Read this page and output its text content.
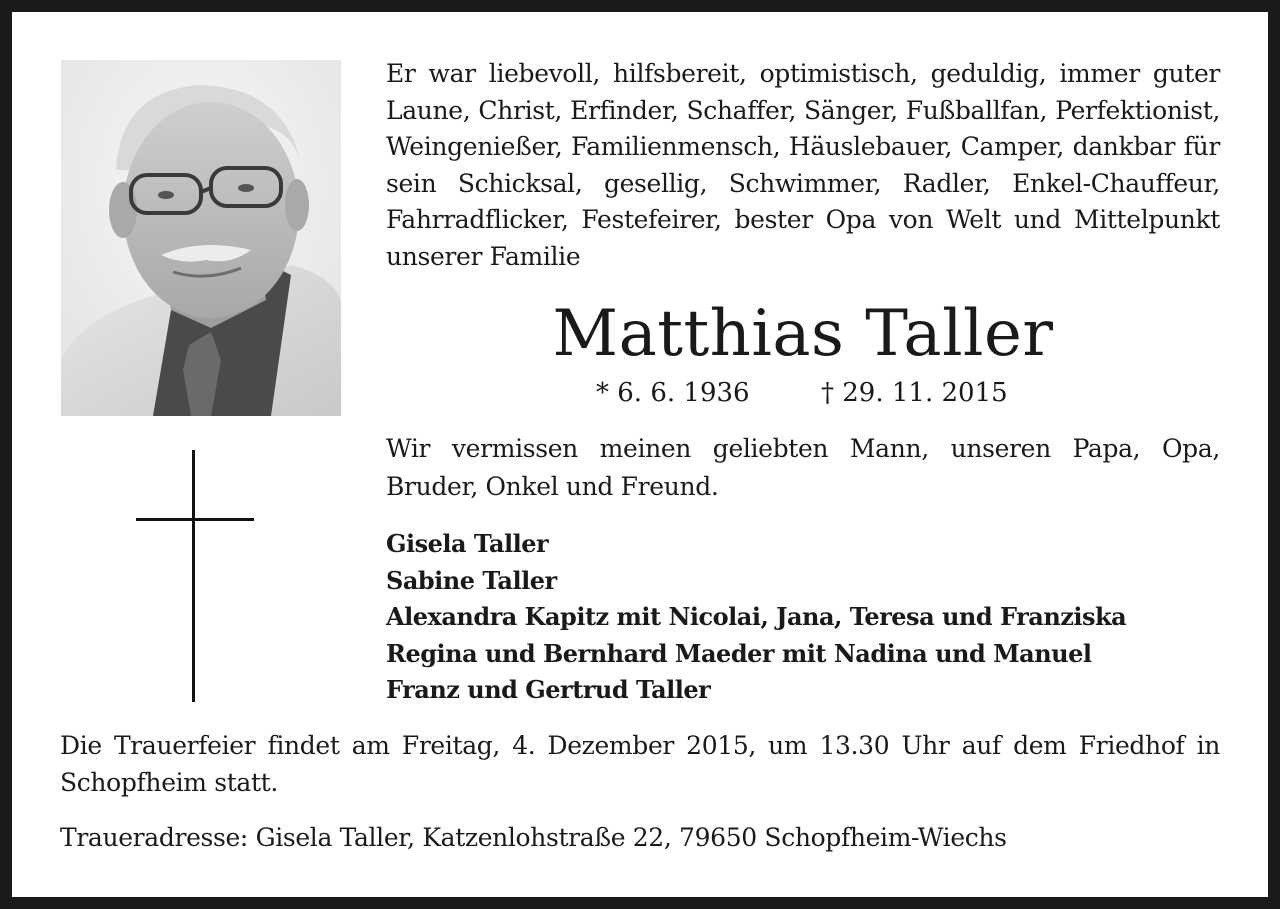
Er war liebevoll, hilfsbereit, optimistisch, geduldig, immer guter Laune, Christ, Erfinder, Schaffer, Sänger, Fußballfan, Perfektionist, Weingenießer, Familienmensch, Häuslebauer, Camper, dankbar für sein Schicksal, gesellig, Schwimmer, Radler, Enkel-Chauffeur, Fahrradflicker, Festefeirer, bester Opa von Welt und Mittelpunkt unserer Familie

Matthias Taller
* 6. 6. 1936	† 29. 11. 2015

Wir vermissen meinen geliebten Mann, unseren Papa, Opa, Bruder, Onkel und Freund.

Gisela Taller
Sabine Taller
Alexandra Kapitz mit Nicolai, Jana, Teresa und Franziska
Regina und Bernhard Maeder mit Nadina und Manuel
Franz und Gertrud Taller

Die Trauerfeier findet am Freitag, 4. Dezember 2015, um 13.30 Uhr auf dem Friedhof in Schopfheim statt.

Traueradresse: Gisela Taller, Katzenlohstraße 22, 79650 Schopfheim-Wiechs
